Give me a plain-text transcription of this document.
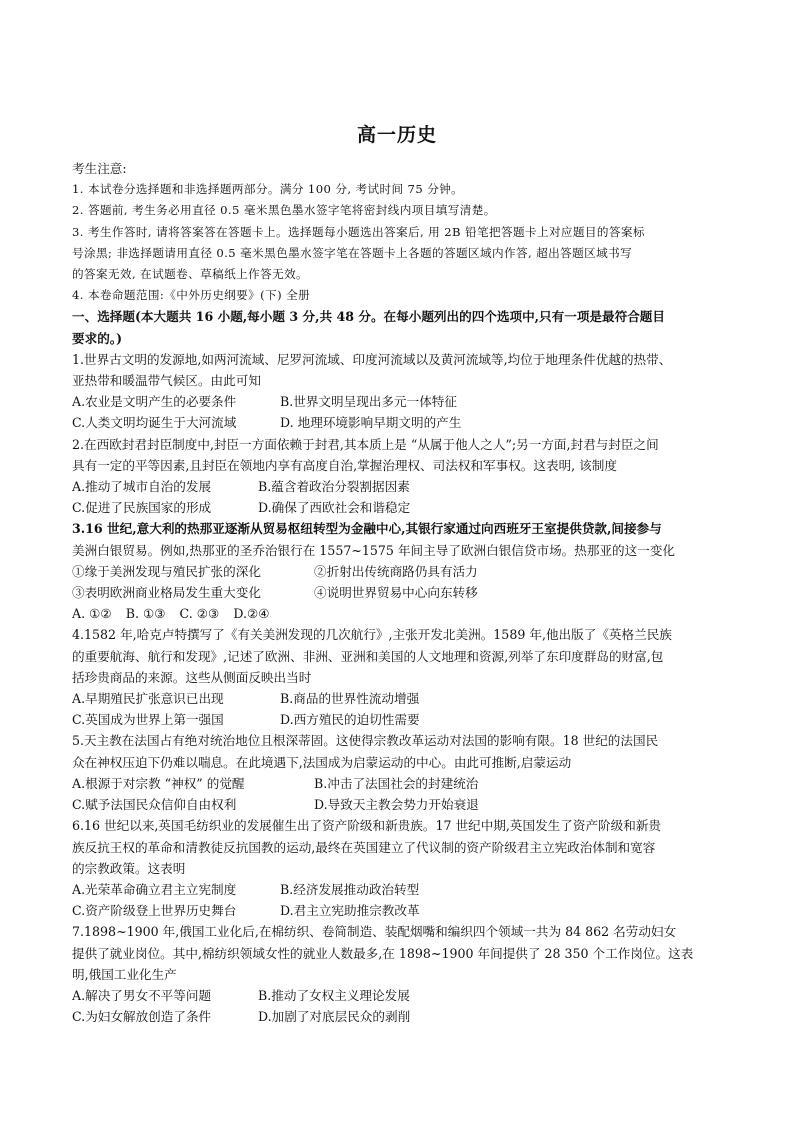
高一历史
考生注意:
1. 本试卷分选择题和非选择题两部分。满分 100 分, 考试时间 75 分钟。
2. 答题前, 考生务必用直径 0.5 毫米黑色墨水签字笔将密封线内项目填写清楚。
3. 考生作答时, 请将答案答在答题卡上。选择题每小题选出答案后, 用 2B 铅笔把答题卡上对应题目的答案标
号涂黑; 非选择题请用直径 0.5 毫米黑色墨水签字笔在答题卡上各题的答题区域内作答, 超出答题区域书写
的答案无效, 在试题卷、草稿纸上作答无效。
4. 本卷命题范围:《中外历史纲要》(下) 全册
一、选择题(本大题共 16 小题,每小题 3 分,共 48 分。在每小题列出的四个选项中,只有一项是最符合题目
要求的。)
1.世界古文明的发源地,如两河流域、尼罗河流域、印度河流域以及黄河流域等,均位于地理条件优越的热带、
亚热带和暖温带气候区。由此可知
A.农业是文明产生的必要条件	B.世界文明呈现出多元一体特征
C.人类文明均诞生于大河流域	D. 地理环境影响早期文明的产生
2.在西欧封君封臣制度中,封臣一方面依赖于封君,其本质上是 “从属于他人之人”;另一方面,封君与封臣之间
具有一定的平等因素,且封臣在领地内享有高度自治,掌握治理权、司法权和军事权。这表明, 该制度
A.推动了城市自治的发展	B.蕴含着政治分裂割据因素
C.促进了民族国家的形成	D.确保了西欧社会和谐稳定
3.16 世纪,意大利的热那亚逐渐从贸易枢纽转型为金融中心,其银行家通过向西班牙王室提供贷款,间接参与
美洲白银贸易。例如,热那亚的圣乔治银行在 1557~1575 年间主导了欧洲白银信贷市场。热那亚的这一变化
①缘于美洲发现与殖民扩张的深化	②折射出传统商路仍具有活力
③表明欧洲商业格局发生重大变化	④说明世界贸易中心向东转移
A. ①② B. ①③ C. ②③ D.②④
4.1582 年,哈克卢特撰写了《有关美洲发现的几次航行》,主张开发北美洲。1589 年,他出版了《英格兰民族
的重要航海、航行和发现》,记述了欧洲、非洲、亚洲和美国的人文地理和资源,列举了东印度群岛的财富,包
括珍贵商品的来源。这些从侧面反映出当时
A.早期殖民扩张意识已出现	B.商品的世界性流动增强
C.英国成为世界上第一强国	D.西方殖民的迫切性需要
5.天主教在法国占有绝对统治地位且根深蒂固。这使得宗教改革运动对法国的影响有限。18 世纪的法国民
众在神权压迫下仍难以喘息。在此境遇下,法国成为启蒙运动的中心。由此可推断,启蒙运动
A.根源于对宗教 “神权” 的觉醒	B.冲击了法国社会的封建统治
C.赋予法国民众信仰自由权利	D.导致天主教会势力开始衰退
6.16 世纪以来,英国毛纺织业的发展催生出了资产阶级和新贵族。17 世纪中期,英国发生了资产阶级和新贵
族反抗王权的革命和清教徒反抗国教的运动,最终在英国建立了代议制的资产阶级君主立宪政治体制和宽容
的宗教政策。这表明
A.光荣革命确立君主立宪制度	B.经济发展推动政治转型
C.资产阶级登上世界历史舞台	D.君主立宪助推宗教改革
7.1898~1900 年,俄国工业化后,在棉纺织、卷简制造、装配烟嘴和编织四个领域一共为 84 862 名劳动妇女
提供了就业岗位。其中,棉纺织领域女性的就业人数最多,在 1898~1900 年间提供了 28 350 个工作岗位。这表
明,俄国工业化生产
A.解决了男女不平等问题	B.推动了女权主义理论发展
C.为妇女解放创造了条件	D.加剧了对底层民众的剥削
